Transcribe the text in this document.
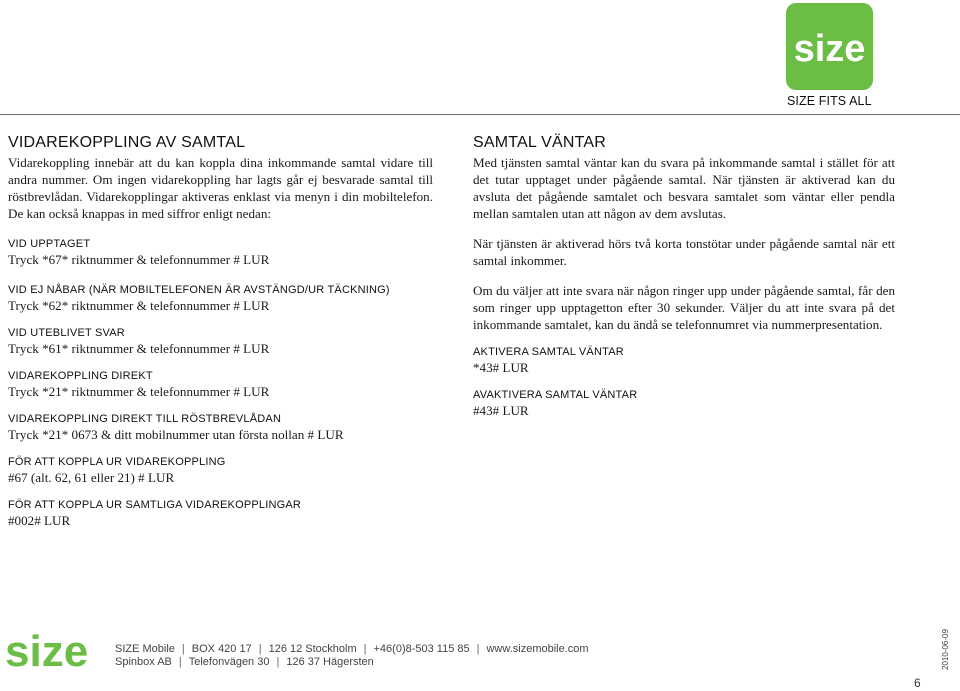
size
SIZE FITS ALL
VIDAREKOPPLING AV SAMTAL

Vidarekoppling innebär att du kan koppla dina inkommande samtal vidare till andra nummer. Om ingen vidarekoppling har lagts går ej besvarade samtal till röstbrevlådan. Vidarekopplingar aktiveras enklast via menyn i din mobiltelefon. De kan också knappas in med siffror enligt nedan:

VID UPPTAGET
Tryck *67* riktnummer & telefonnummer # LUR
VID EJ NÅBAR (NÄR MOBILTELEFONEN ÄR AVSTÄNGD/UR TÄCKNING)
Tryck *62* riktnummer & telefonnummer # LUR
VID UTEBLIVET SVAR
Tryck *61* riktnummer & telefonnummer # LUR
VIDAREKOPPLING DIREKT
Tryck *21* riktnummer & telefonnummer # LUR
VIDAREKOPPLING DIREKT TILL RÖSTBREVLÅDAN
Tryck *21* 0673 & ditt mobilnummer utan första nollan # LUR
FÖR ATT KOPPLA UR VIDAREKOPPLING
#67 (alt. 62, 61 eller 21) # LUR
FÖR ATT KOPPLA UR SAMTLIGA VIDAREKOPPLINGAR
#002# LUR
SAMTAL VÄNTAR

Med tjänsten samtal väntar kan du svara på inkommande samtal i stället för att det tutar upptaget under pågående samtal. När tjänsten är aktiverad kan du avsluta det pågående samtalet och besvara samtalet som väntar eller pendla mellan samtalen utan att någon av dem avslutas.

När tjänsten är aktiverad hörs två korta tonstötar under pågående samtal när ett samtal inkommer.

Om du väljer att inte svara när någon ringer upp under pågående samtal, får den som ringer upp upptagetton efter 30 sekunder. Väljer du att inte svara på det inkommande samtalet, kan du ändå se telefonnumret via nummerpresentation.

AKTIVERA SAMTAL VÄNTAR
*43# LUR
AVAKTIVERA SAMTAL VÄNTAR
#43# LUR
size SIZE Mobile | BOX 420 17 | 126 12 Stockholm | +46(0)8-503 115 85 | www.sizemobile.com
Spinbox AB | Telefonvägen 30 | 126 37 Hägersten
6
2010-06-09
